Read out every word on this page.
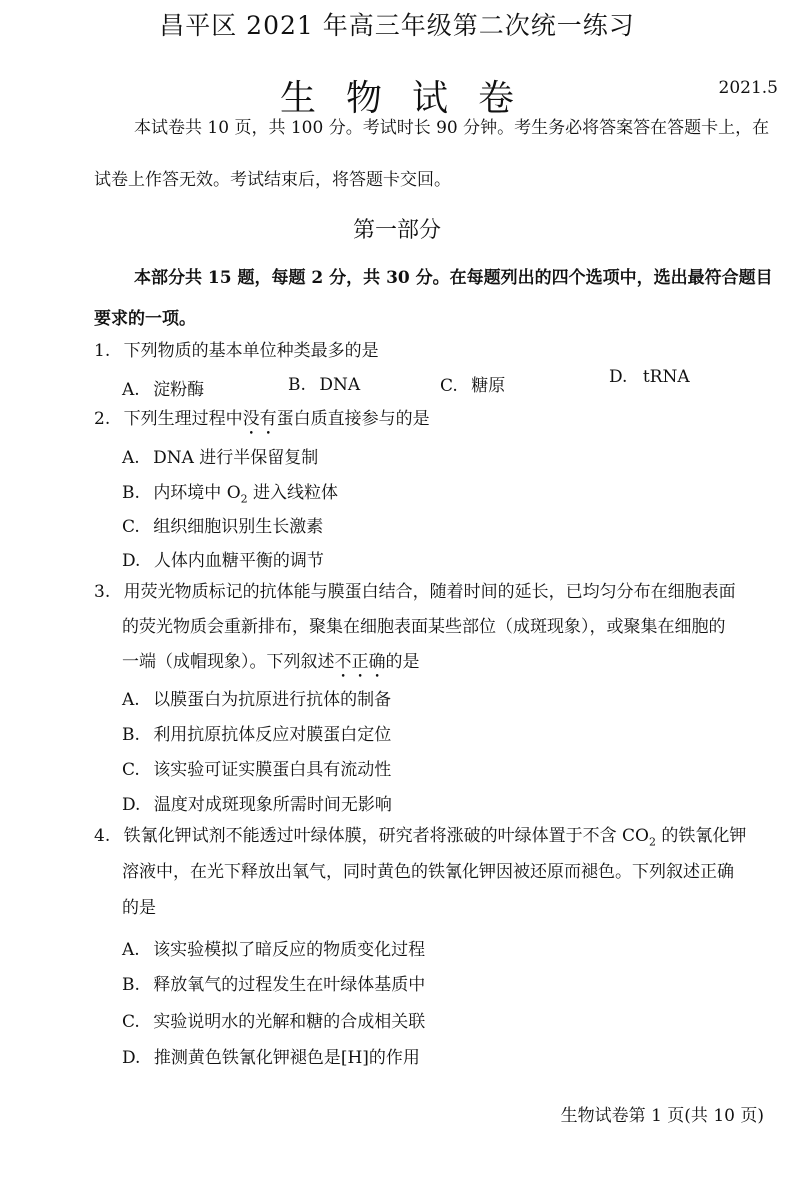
昌平区 2021 年高三年级第二次统一练习
生物试卷	2021.5
本试卷共 10 页，共 100 分。考试时长 90 分钟。考生务必将答案答在答题卡上，在
试卷上作答无效。考试结束后，将答题卡交回。
第一部分
本部分共 15 题，每题 2 分，共 30 分。在每题列出的四个选项中，选出最符合题目
要求的一项。
1. 下列物质的基本单位种类最多的是
A. 淀粉酶	B. DNA	C. 糖原	D. tRNA
2. 下列生理过程中没有蛋白质直接参与的是
A. DNA 进行半保留复制
B. 内环境中 $O_2$ 进入线粒体
C. 组织细胞识别生长激素
D. 人体内血糖平衡的调节
3. 用荧光物质标记的抗体能与膜蛋白结合，随着时间的延长，已均匀分布在细胞表面
的荧光物质会重新排布，聚集在细胞表面某些部位（成斑现象），或聚集在细胞的
一端（成帽现象）。下列叙述不正确的是
A. 以膜蛋白为抗原进行抗体的制备
B. 利用抗原抗体反应对膜蛋白定位
C. 该实验可证实膜蛋白具有流动性
D. 温度对成斑现象所需时间无影响
4. 铁氰化钾试剂不能透过叶绿体膜，研究者将涨破的叶绿体置于不含 $CO_2$ 的铁氰化钾
溶液中，在光下释放出氧气，同时黄色的铁氰化钾因被还原而褪色。下列叙述正确
的是
A. 该实验模拟了暗反应的物质变化过程
B. 释放氧气的过程发生在叶绿体基质中
C. 实验说明水的光解和糖的合成相关联
D. 推测黄色铁氰化钾褪色是[H]的作用
生物试卷第 1 页(共 10 页)
